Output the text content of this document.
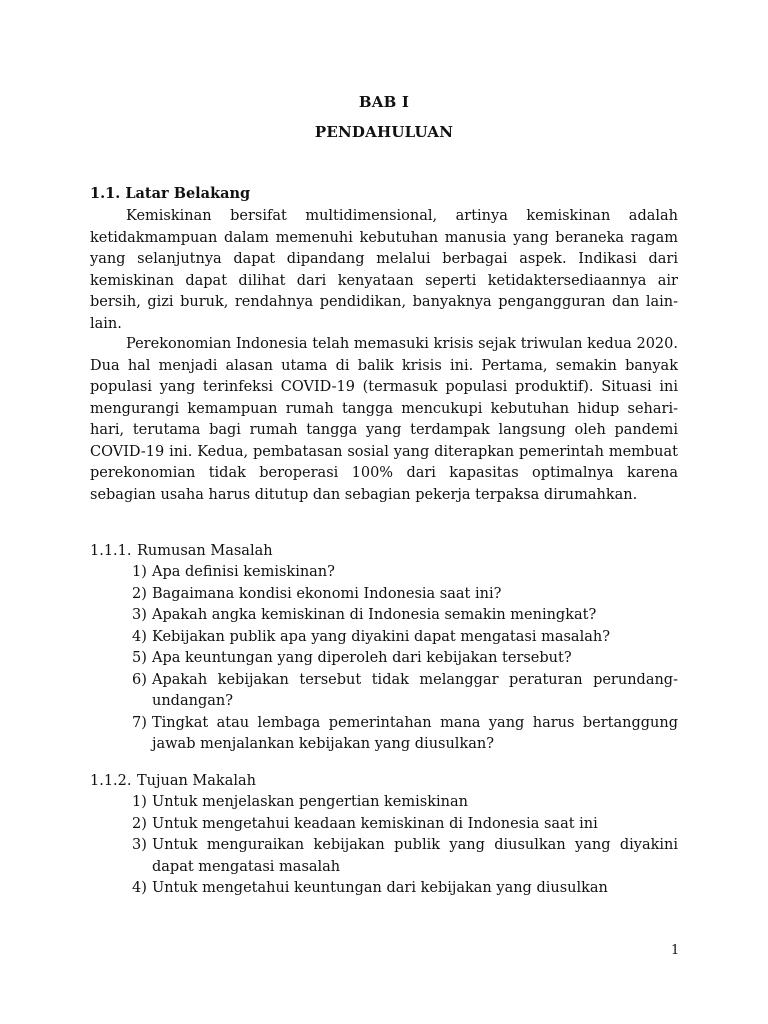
BAB I
PENDAHULUAN
1.1. Latar Belakang

Kemiskinan bersifat multidimensional, artinya kemiskinan adalah ketidakmampuan dalam memenuhi kebutuhan manusia yang beraneka ragam yang selanjutnya dapat dipandang melalui berbagai aspek. Indikasi dari kemiskinan dapat dilihat dari kenyataan seperti ketidaktersediaannya air bersih, gizi buruk, rendahnya pendidikan, banyaknya pengangguran dan lain-lain.

Perekonomian Indonesia telah memasuki krisis sejak triwulan kedua 2020. Dua hal menjadi alasan utama di balik krisis ini. Pertama, semakin banyak populasi yang terinfeksi COVID-19 (termasuk populasi produktif). Situasi ini mengurangi kemampuan rumah tangga mencukupi kebutuhan hidup sehari-hari, terutama bagi rumah tangga yang terdampak langsung oleh pandemi COVID-19 ini. Kedua, pembatasan sosial yang diterapkan pemerintah membuat perekonomian tidak beroperasi 100% dari kapasitas optimalnya karena sebagian usaha harus ditutup dan sebagian pekerja terpaksa dirumahkan.

1.1.1. Rumusan Masalah
1) Apa definisi kemiskinan?
2) Bagaimana kondisi ekonomi Indonesia saat ini?
3) Apakah angka kemiskinan di Indonesia semakin meningkat?
4) Kebijakan publik apa yang diyakini dapat mengatasi masalah?
5) Apa keuntungan yang diperoleh dari kebijakan tersebut?
6) Apakah kebijakan tersebut tidak melanggar peraturan perundang-undangan?
7) Tingkat atau lembaga pemerintahan mana yang harus bertanggung jawab menjalankan kebijakan yang diusulkan?
1.1.2. Tujuan Makalah
1) Untuk menjelaskan pengertian kemiskinan
2) Untuk mengetahui keadaan kemiskinan di Indonesia saat ini
3) Untuk menguraikan kebijakan publik yang diusulkan yang diyakini dapat mengatasi masalah
4) Untuk mengetahui keuntungan dari kebijakan yang diusulkan
1
